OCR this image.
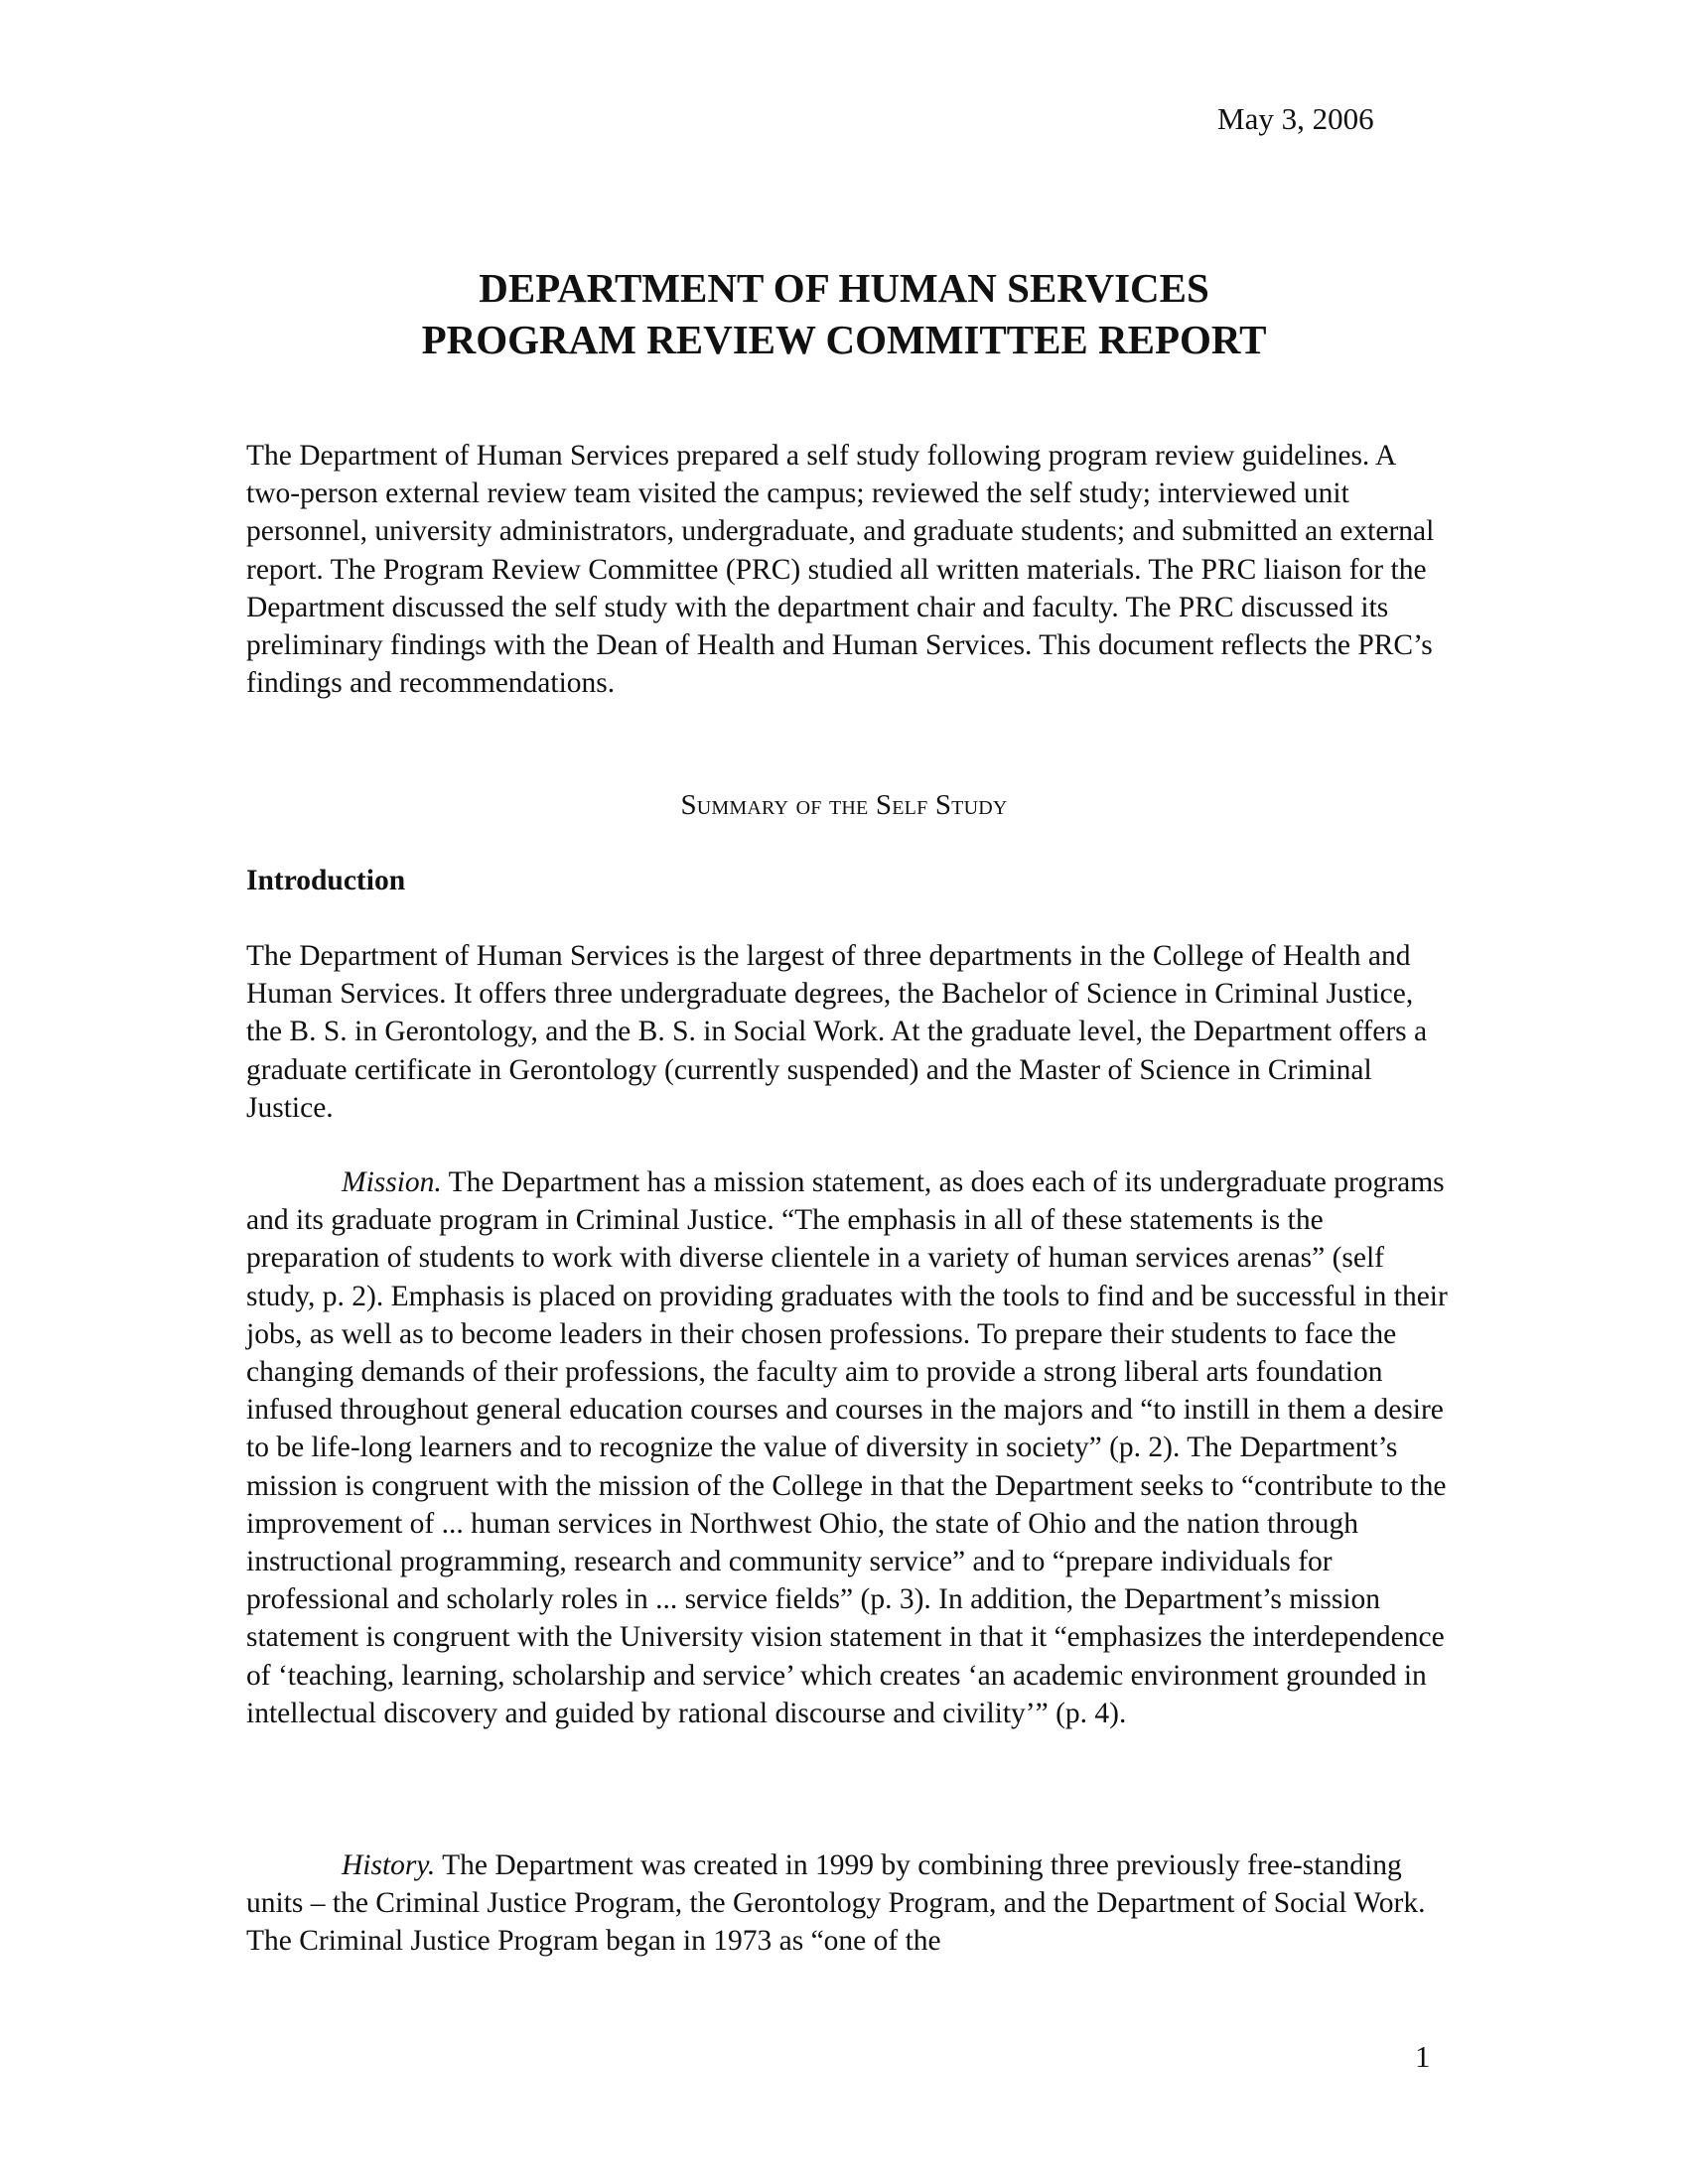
May 3, 2006
DEPARTMENT OF HUMAN SERVICES
PROGRAM REVIEW COMMITTEE REPORT

The Department of Human Services prepared a self study following program review guidelines. A two-person external review team visited the campus; reviewed the self study; interviewed unit personnel, university administrators, undergraduate, and graduate students; and submitted an external report. The Program Review Committee (PRC) studied all written materials. The PRC liaison for the Department discussed the self study with the department chair and faculty. The PRC discussed its preliminary findings with the Dean of Health and Human Services. This document reflects the PRC’s findings and recommendations.

Summary of the Self Study
Introduction

The Department of Human Services is the largest of three departments in the College of Health and Human Services. It offers three undergraduate degrees, the Bachelor of Science in Criminal Justice, the B. S. in Gerontology, and the B. S. in Social Work. At the graduate level, the Department offers a graduate certificate in Gerontology (currently suspended) and the Master of Science in Criminal Justice.

Mission. The Department has a mission statement, as does each of its undergraduate programs and its graduate program in Criminal Justice. “The emphasis in all of these statements is the preparation of students to work with diverse clientele in a variety of human services arenas” (self study, p. 2). Emphasis is placed on providing graduates with the tools to find and be successful in their jobs, as well as to become leaders in their chosen professions. To prepare their students to face the changing demands of their professions, the faculty aim to provide a strong liberal arts foundation infused throughout general education courses and courses in the majors and “to instill in them a desire to be life-long learners and to recognize the value of diversity in society” (p. 2). The Department’s mission is congruent with the mission of the College in that the Department seeks to “contribute to the improvement of ... human services in Northwest Ohio, the state of Ohio and the nation through instructional programming, research and community service” and to “prepare individuals for professional and scholarly roles in ... service fields” (p. 3). In addition, the Department’s mission statement is congruent with the University vision statement in that it “emphasizes the interdependence of ‘teaching, learning, scholarship and service’ which creates ‘an academic environment grounded in intellectual discovery and guided by rational discourse and civility’” (p. 4).

History. The Department was created in 1999 by combining three previously free-standing units – the Criminal Justice Program, the Gerontology Program, and the Department of Social Work. The Criminal Justice Program began in 1973 as “one of the

1
